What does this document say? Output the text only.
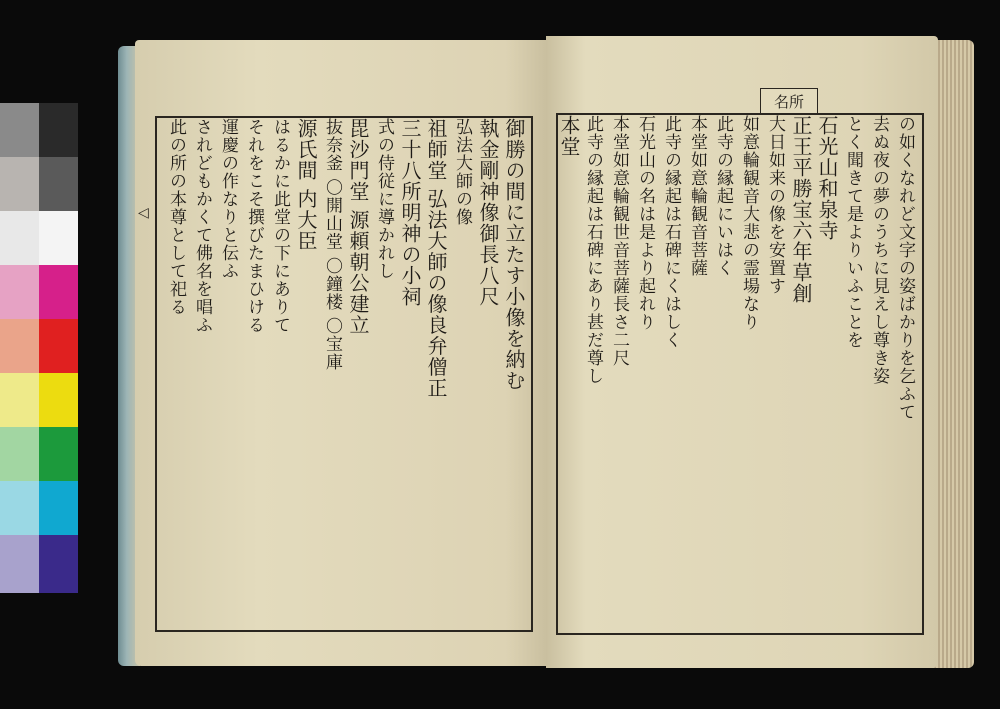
◁
名所
の如くなれど文字の姿ばかりを乞ふて
去ぬ夜の夢のうちに見えし尊き姿
とく聞きて是よりいふことを
石光山和泉寺
正王平勝宝六年草創
大日如来の像を安置す
如意輪観音大悲の霊場なり
此寺の縁起にいはく
本堂如意輪観音菩薩
此寺の縁起は石碑にくはしく
石光山の名は是より起れり
本堂如意輪観世音菩薩長さ二尺
此寺の縁起は石碑にあり甚だ尊し
本堂
御勝の間に立たす小像を納む
執金剛神像御長八尺
弘法大師の像
祖師堂 弘法大師の像良弁僧正
三十八所明神の小祠
式の侍従に導かれし
毘沙門堂 源頼朝公建立
抜奈釜 〇開山堂 〇鐘楼 〇宝庫
源氏間 内大臣
はるかに此堂の下にありて
それをこそ撰びたまひける
運慶の作なりと伝ふ
されどもかくて佛名を唱ふ
此の所の本尊として祀る
